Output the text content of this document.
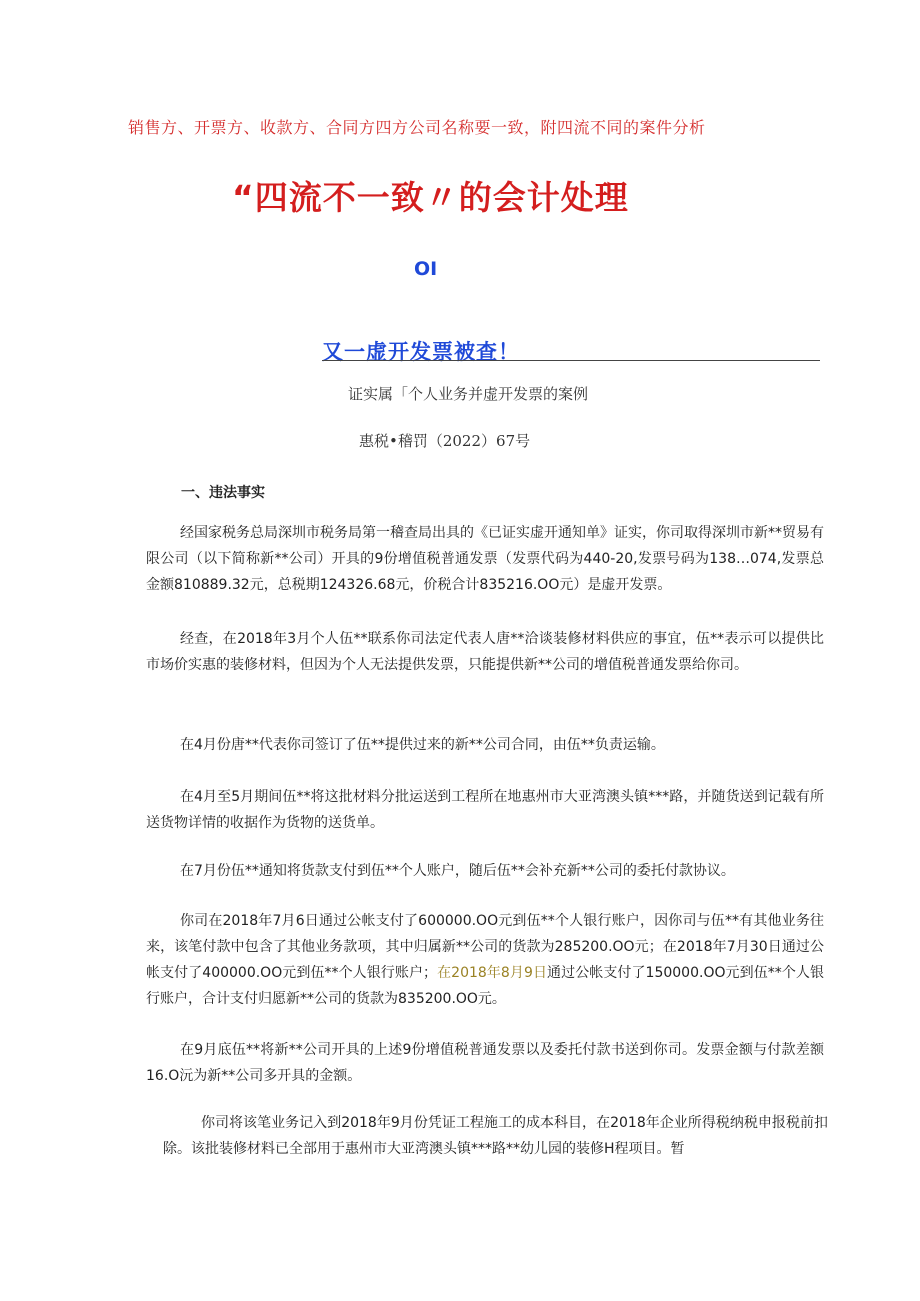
销售方、开票方、收款方、合同方四方公司名称要一致，附四流不同的案件分析

“四流不一致〃的会计处理
OI
又一虚开发票被查！

证实属「个人业务并虚开发票的案例

惠税•稽罚（2022）67号

一、违法事实

经国家税务总局深圳市税务局第一稽查局出具的《已证实虚开通知单》证实，你司取得深圳市新**贸易有限公司（以下简称新**公司）开具的9份增值税普通发票（发票代码为440-20,发票号码为138…074,发票总金额810889.32元，总税期124326.68元，价税合计835216.OO元）是虚开发票。

经查，在2018年3月个人伍**联系你司法定代表人唐**洽谈装修材料供应的事宜，伍**表示可以提供比市场价实惠的装修材料，但因为个人无法提供发票，只能提供新**公司的增值税普通发票给你司。

在4月份唐**代表你司签订了伍**提供过来的新**公司合同，由伍**负责运输。

在4月至5月期间伍**将这批材料分批运送到工程所在地惠州市大亚湾澳头镇***路，并随货送到记载有所送货物详情的收据作为货物的送货单。

在7月份伍**通知将货款支付到伍**个人账户，随后伍**会补充新**公司的委托付款协议。

你司在2018年7月6日通过公帐支付了600000.OO元到伍**个人银行账户，因你司与伍**有其他业务往来，该笔付款中包含了其他业务款项，其中归属新**公司的货款为285200.OO元；在2018年7月30日通过公帐支付了400000.OO元到伍**个人银行账户；在2018年8月9日通过公帐支付了150000.OO元到伍**个人银行账户，合计支付归愿新**公司的货款为835200.OO元。

在9月底伍**将新**公司开具的上述9份增值税普通发票以及委托付款书送到你司。发票金额与付款差额16.O沅为新**公司多开具的金额。

你司将该笔业务记入到2018年9月份凭证工程施工的成本科目，在2018年企业所得税纳税申报税前扣除。该批装修材料已全部用于惠州市大亚湾澳头镇***路**幼儿园的装修H程项目。暂
